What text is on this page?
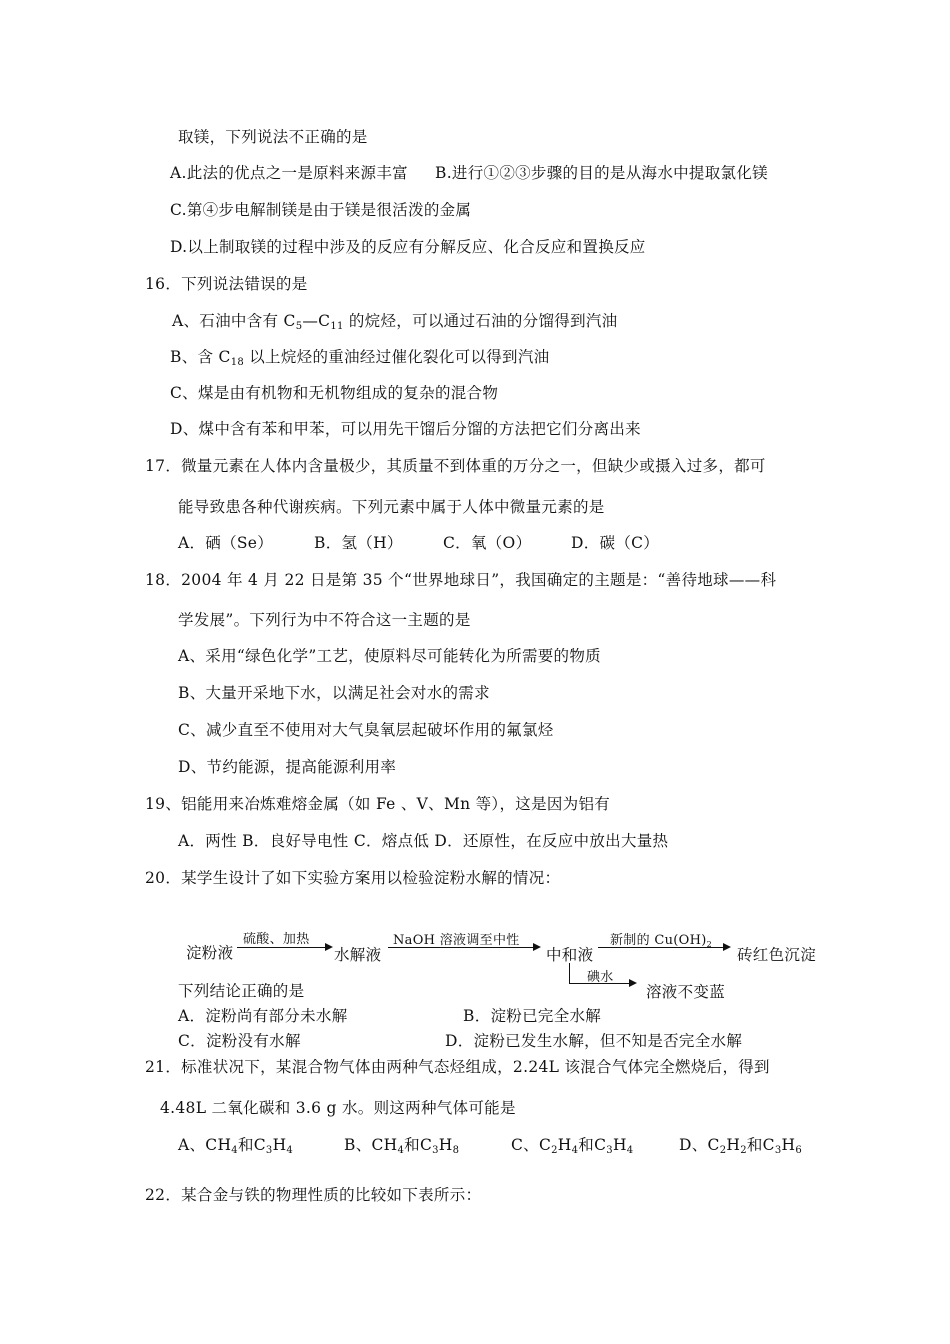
取镁，下列说法不正确的是
A.此法的优点之一是原料来源丰富 B.进行①②③步骤的目的是从海水中提取氯化镁
C.第④步电解制镁是由于镁是很活泼的金属
D.以上制取镁的过程中涉及的反应有分解反应、化合反应和置换反应
16．下列说法错误的是
A、石油中含有 $C_5—C_{11}$ 的烷烃，可以通过石油的分馏得到汽油
B、含 $C_{18}$ 以上烷烃的重油经过催化裂化可以得到汽油
C、煤是由有机物和无机物组成的复杂的混合物
D、煤中含有苯和甲苯，可以用先干馏后分馏的方法把它们分离出来
17．微量元素在人体内含量极少，其质量不到体重的万分之一，但缺少或摄入过多，都可
能导致患各种代谢疾病。下列元素中属于人体中微量元素的是
A．硒（Se）	B．氢（H）	C．氧（O）	D．碳（C）
18．2004 年 4 月 22 日是第 35 个“世界地球日”，我国确定的主题是：“善待地球——科
学发展”。下列行为中不符合这一主题的是
A、采用“绿色化学”工艺，使原料尽可能转化为所需要的物质
B、大量开采地下水，以满足社会对水的需求
C、减少直至不使用对大气臭氧层起破坏作用的氟氯烃
D、节约能源，提高能源利用率
19、铝能用来冶炼难熔金属（如 Fe 、V、Mn 等），这是因为铝有
A．两性 B．良好导电性 C．熔点低 D．还原性，在反应中放出大量热
20．某学生设计了如下实验方案用以检验淀粉水解的情况：
淀粉液
硫酸、加热
水解液
NaOH 溶液调至中性
中和液
新制的 $Cu(OH)_2$
砖红色沉淀
碘水
溶液不变蓝
下列结论正确的是
A．淀粉尚有部分未水解	B．淀粉已完全水解
C．淀粉没有水解	D．淀粉已发生水解，但不知是否完全水解
21．标准状况下，某混合物气体由两种气态烃组成，2.24L 该混合气体完全燃烧后，得到
4.48L 二氧化碳和 3.6 g 水。则这两种气体可能是
A、$CH_4$和$C_3H_4$	B、$CH_4$和$C_3H_8$	C、$C_2H_4$和$C_3H_4$	D、$C_2H_2$和$C_3H_6$
22．某合金与铁的物理性质的比较如下表所示：
